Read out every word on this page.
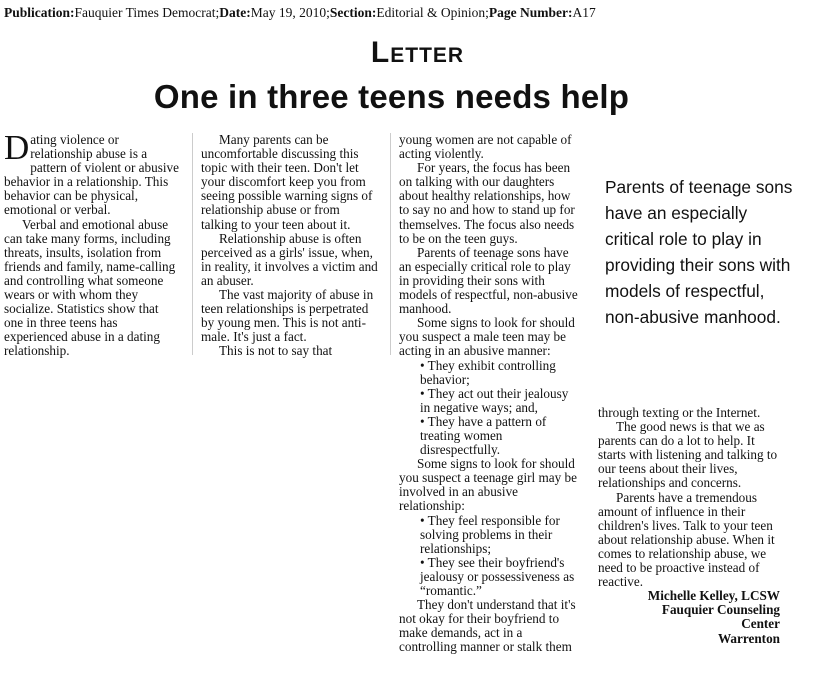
Publication:Fauquier Times Democrat;Date:May 19, 2010;Section:Editorial & Opinion;Page Number:A17
Letter
One in three teens needs help

Dating violence or relationship abuse is a pattern of violent or abusive behavior in a relationship. This behavior can be physical, emotional or verbal.

Verbal and emotional abuse can take many forms, including threats, insults, isolation from friends and family, name-calling and controlling what someone wears or with whom they socialize. Statistics show that one in three teens has experienced abuse in a dating relationship.

Many parents can be uncomfortable discussing this topic with their teen. Don't let your discomfort keep you from seeing possible warning signs of relationship abuse or from talking to your teen about it.

Relationship abuse is often perceived as a girls' issue, when, in reality, it involves a victim and an abuser.

The vast majority of abuse in teen relationships is perpetrated by young men. This is not anti-male. It's just a fact.

This is not to say that

young women are not capable of acting violently.

For years, the focus has been on talking with our daughters about healthy relationships, how to say no and how to stand up for themselves. The focus also needs to be on the teen guys.

Parents of teenage sons have an especially critical role to play in providing their sons with models of respectful, non-abusive manhood.

Some signs to look for should you suspect a male teen may be acting in an abusive manner:

• They exhibit controlling behavior;

• They act out their jealousy in negative ways; and,

• They have a pattern of treating women disrespectfully.

Some signs to look for should you suspect a teenage girl may be involved in an abusive relationship:

• They feel responsible for solving problems in their relationships;

• They see their boyfriend's jealousy or possessiveness as “romantic.”

They don't understand that it's not okay for their boyfriend to make demands, act in a controlling manner or stalk them

Parents of teenage sons have an especially critical role to play in providing their sons with models of respectful, non-abusive manhood.

through texting or the Internet.

The good news is that we as parents can do a lot to help. It starts with listening and talking to our teens about their lives, relationships and concerns.

Parents have a tremendous amount of influence in their children's lives. Talk to your teen about relationship abuse. When it comes to relationship abuse, we need to be proactive instead of reactive.

Michelle Kelley, LCSW
Fauquier Counseling Center
Warrenton
